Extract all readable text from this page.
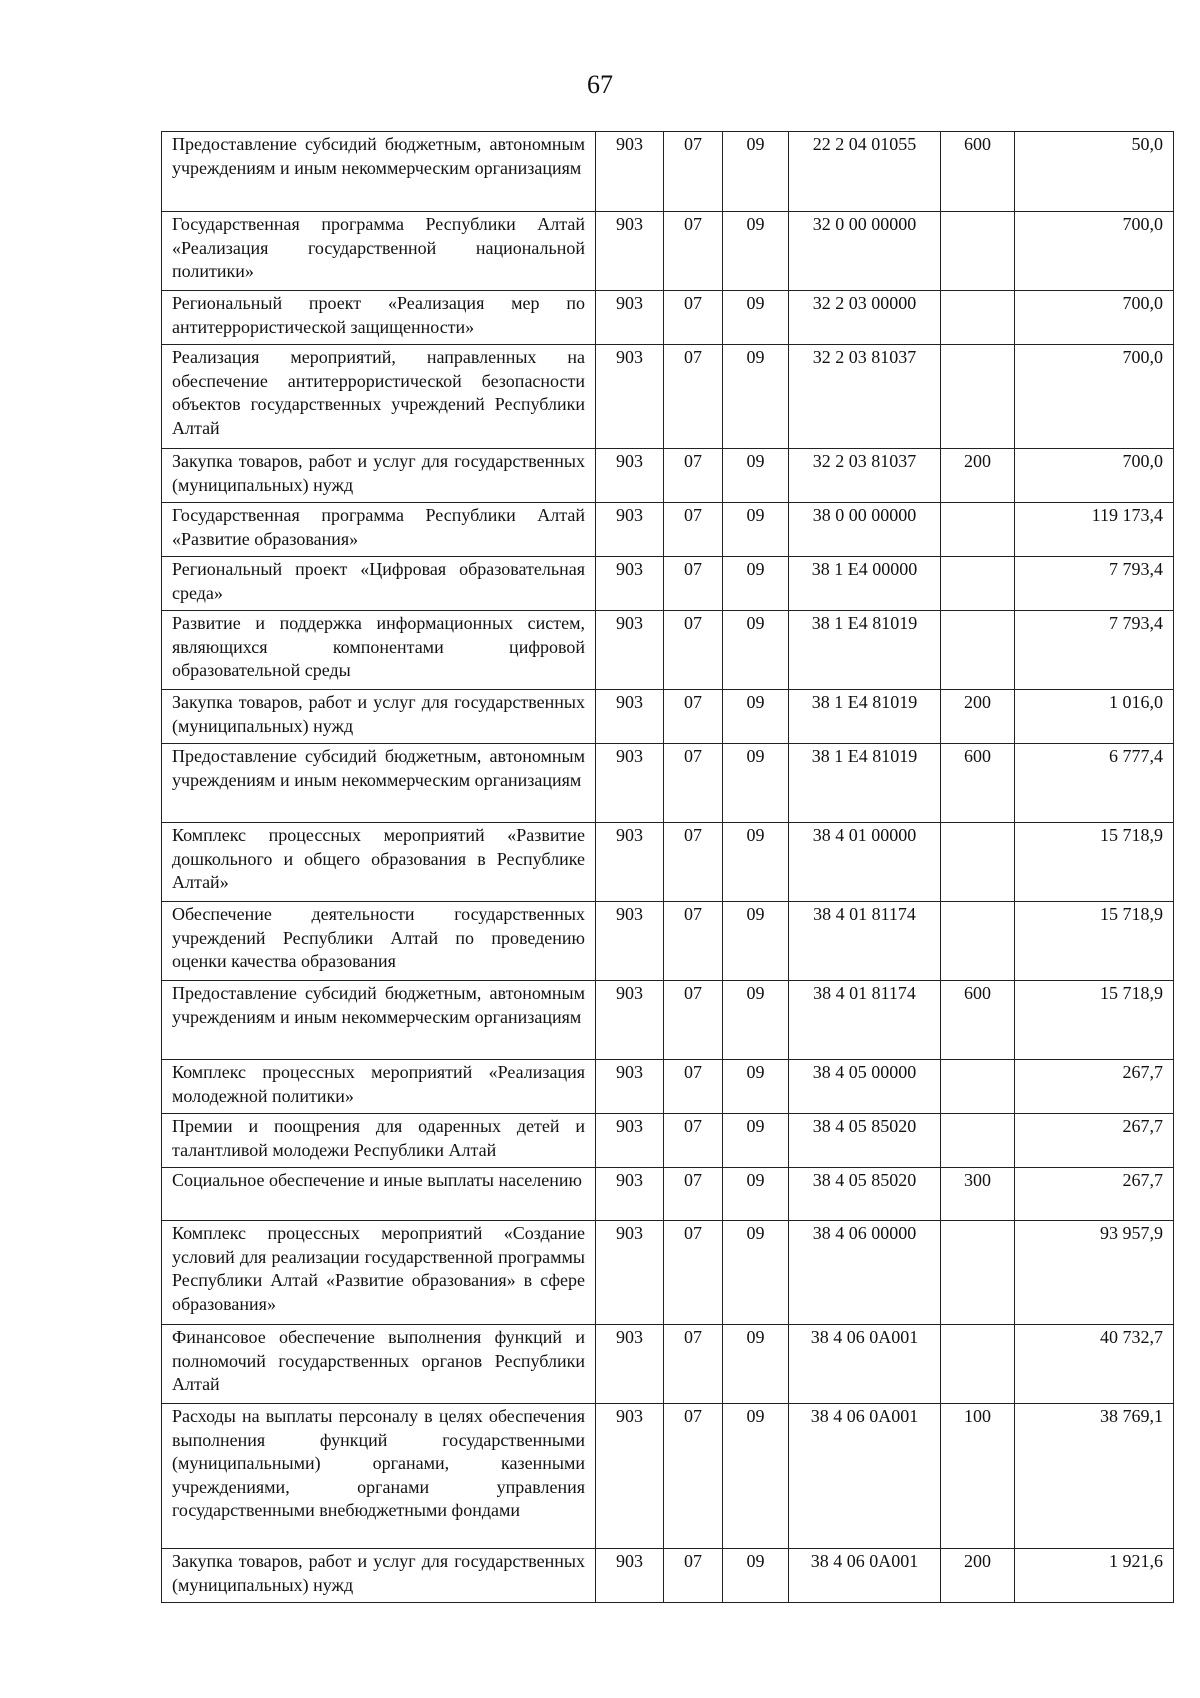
67
Предоставление субсидий бюджетным, автономным учреждениям и иным некоммерческим организациям	903	07	09	22 2 04 01055	600	50,0
Государственная программа Республики Алтай «Реализация государственной национальной политики»	903	07	09	32 0 00 00000		700,0
Региональный проект «Реализация мер по антитеррористической защищенности»	903	07	09	32 2 03 00000		700,0
Реализация мероприятий, направленных на обеспечение антитеррористической безопасности объектов государственных учреждений Республики Алтай	903	07	09	32 2 03 81037		700,0
Закупка товаров, работ и услуг для государственных (муниципальных) нужд	903	07	09	32 2 03 81037	200	700,0
Государственная программа Республики Алтай «Развитие образования»	903	07	09	38 0 00 00000		119 173,4
Региональный проект «Цифровая образовательная среда»	903	07	09	38 1 E4 00000		7 793,4
Развитие и поддержка информационных систем, являющихся компонентами цифровой образовательной среды	903	07	09	38 1 E4 81019		7 793,4
Закупка товаров, работ и услуг для государственных (муниципальных) нужд	903	07	09	38 1 E4 81019	200	1 016,0
Предоставление субсидий бюджетным, автономным учреждениям и иным некоммерческим организациям	903	07	09	38 1 E4 81019	600	6 777,4
Комплекс процессных мероприятий «Развитие дошкольного и общего образования в Республике Алтай»	903	07	09	38 4 01 00000		15 718,9
Обеспечение деятельности государственных учреждений Республики Алтай по проведению оценки качества образования	903	07	09	38 4 01 81174		15 718,9
Предоставление субсидий бюджетным, автономным учреждениям и иным некоммерческим организациям	903	07	09	38 4 01 81174	600	15 718,9
Комплекс процессных мероприятий «Реализация молодежной политики»	903	07	09	38 4 05 00000		267,7
Премии и поощрения для одаренных детей и талантливой молодежи Республики Алтай	903	07	09	38 4 05 85020		267,7
Социальное обеспечение и иные выплаты населению	903	07	09	38 4 05 85020	300	267,7
Комплекс процессных мероприятий «Создание условий для реализации государственной программы Республики Алтай «Развитие образования» в сфере образования»	903	07	09	38 4 06 00000		93 957,9
Финансовое обеспечение выполнения функций и полномочий государственных органов Республики Алтай	903	07	09	38 4 06 0A001		40 732,7
Расходы на выплаты персоналу в целях обеспечения выполнения функций государственными (муниципальными) органами, казенными учреждениями, органами управления государственными внебюджетными фондами	903	07	09	38 4 06 0A001	100	38 769,1
Закупка товаров, работ и услуг для государственных (муниципальных) нужд	903	07	09	38 4 06 0A001	200	1 921,6
